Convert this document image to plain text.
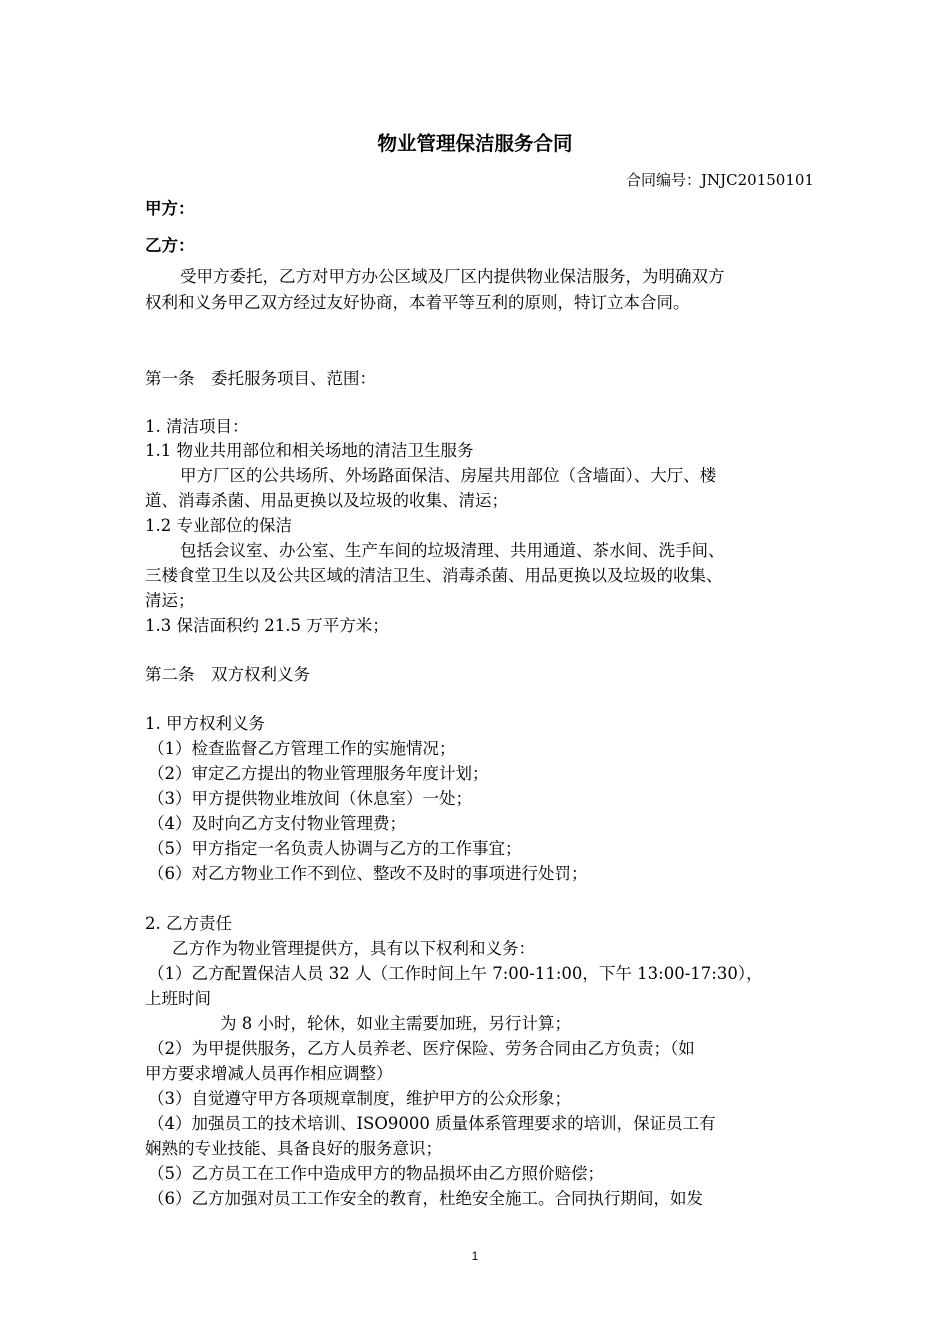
物业管理保洁服务合同
合同编号：JNJC20150101
甲方：
乙方：
受甲方委托，乙方对甲方办公区域及厂区内提供物业保洁服务，为明确双方
权利和义务甲乙双方经过友好协商，本着平等互利的原则，特订立本合同。
第一条　委托服务项目、范围：
1. 清洁项目：
1.1 物业共用部位和相关场地的清洁卫生服务
甲方厂区的公共场所、外场路面保洁、房屋共用部位（含墙面）、大厅、楼
道、消毒杀菌、用品更换以及垃圾的收集、清运；
1.2 专业部位的保洁
包括会议室、办公室、生产车间的垃圾清理、共用通道、茶水间、洗手间、
三楼食堂卫生以及公共区域的清洁卫生、消毒杀菌、用品更换以及垃圾的收集、
清运；
1.3 保洁面积约 21.5 万平方米；
第二条　双方权利义务
1. 甲方权利义务
（1）检查监督乙方管理工作的实施情况；
（2）审定乙方提出的物业管理服务年度计划；
（3）甲方提供物业堆放间（休息室）一处；
（4）及时向乙方支付物业管理费；
（5）甲方指定一名负责人协调与乙方的工作事宜；
（6）对乙方物业工作不到位、整改不及时的事项进行处罚；
2. 乙方责任
乙方作为物业管理提供方，具有以下权利和义务：
（1）乙方配置保洁人员 32 人（工作时间上午 7:00-11:00，下午 13:00-17:30），
上班时间
为 8 小时，轮休，如业主需要加班，另行计算；
（2）为甲提供服务，乙方人员养老、医疗保险、劳务合同由乙方负责；（如
甲方要求增减人员再作相应调整）
（3）自觉遵守甲方各项规章制度，维护甲方的公众形象；
（4）加强员工的技术培训、ISO9000 质量体系管理要求的培训，保证员工有
娴熟的专业技能、具备良好的服务意识；
（5）乙方员工在工作中造成甲方的物品损坏由乙方照价赔偿；
（6）乙方加强对员工工作安全的教育，杜绝安全施工。合同执行期间，如发
1
